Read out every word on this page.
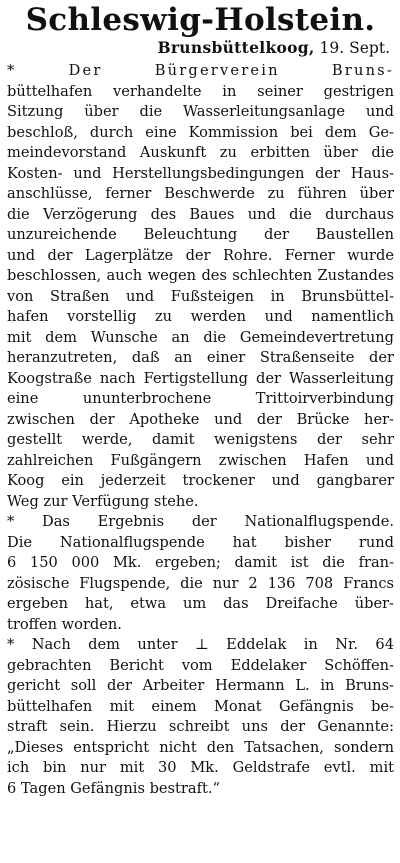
Schleswig-Holstein.
Brunsbüttelkoog, 19. Sept.
* Der Bürgerverein Bruns-
büttelhafen verhandelte in seiner gestrigen
Sitzung über die Wasserleitungsanlage und
beschloß, durch eine Kommission bei dem Ge-
meindevorstand Auskunft zu erbitten über die
Kosten- und Herstellungsbedingungen der Haus-
anschlüsse, ferner Beschwerde zu führen über
die Verzögerung des Baues und die durchaus
unzureichende Beleuchtung der Baustellen
und der Lagerplätze der Rohre. Ferner wurde
beschlossen, auch wegen des schlechten Zustandes
von Straßen und Fußsteigen in Brunsbüttel-
hafen vorstellig zu werden und namentlich
mit dem Wunsche an die Gemeindevertretung
heranzutreten, daß an einer Straßenseite der
Koogstraße nach Fertigstellung der Wasserleitung
eine ununterbrochene Trittoirverbindung
zwischen der Apotheke und der Brücke her-
gestellt werde, damit wenigstens der sehr
zahlreichen Fußgängern zwischen Hafen und
Koog ein jederzeit trockener und gangbarer
Weg zur Verfügung stehe.
* Das Ergebnis der Nationalflugspende.
Die Nationalflugspende hat bisher rund
6 150 000 Mk. ergeben; damit ist die fran-
zösische Flugspende, die nur 2 136 708 Francs
ergeben hat, etwa um das Dreifache über-
troffen worden.
* Nach dem unter ⊥ Eddelak in Nr. 64
gebrachten Bericht vom Eddelaker Schöffen-
gericht soll der Arbeiter Hermann L. in Bruns-
büttelhafen mit einem Monat Gefängnis be-
straft sein. Hierzu schreibt uns der Genannte:
„Dieses entspricht nicht den Tatsachen, sondern
ich bin nur mit 30 Mk. Geldstrafe evtl. mit
6 Tagen Gefängnis bestraft.“
